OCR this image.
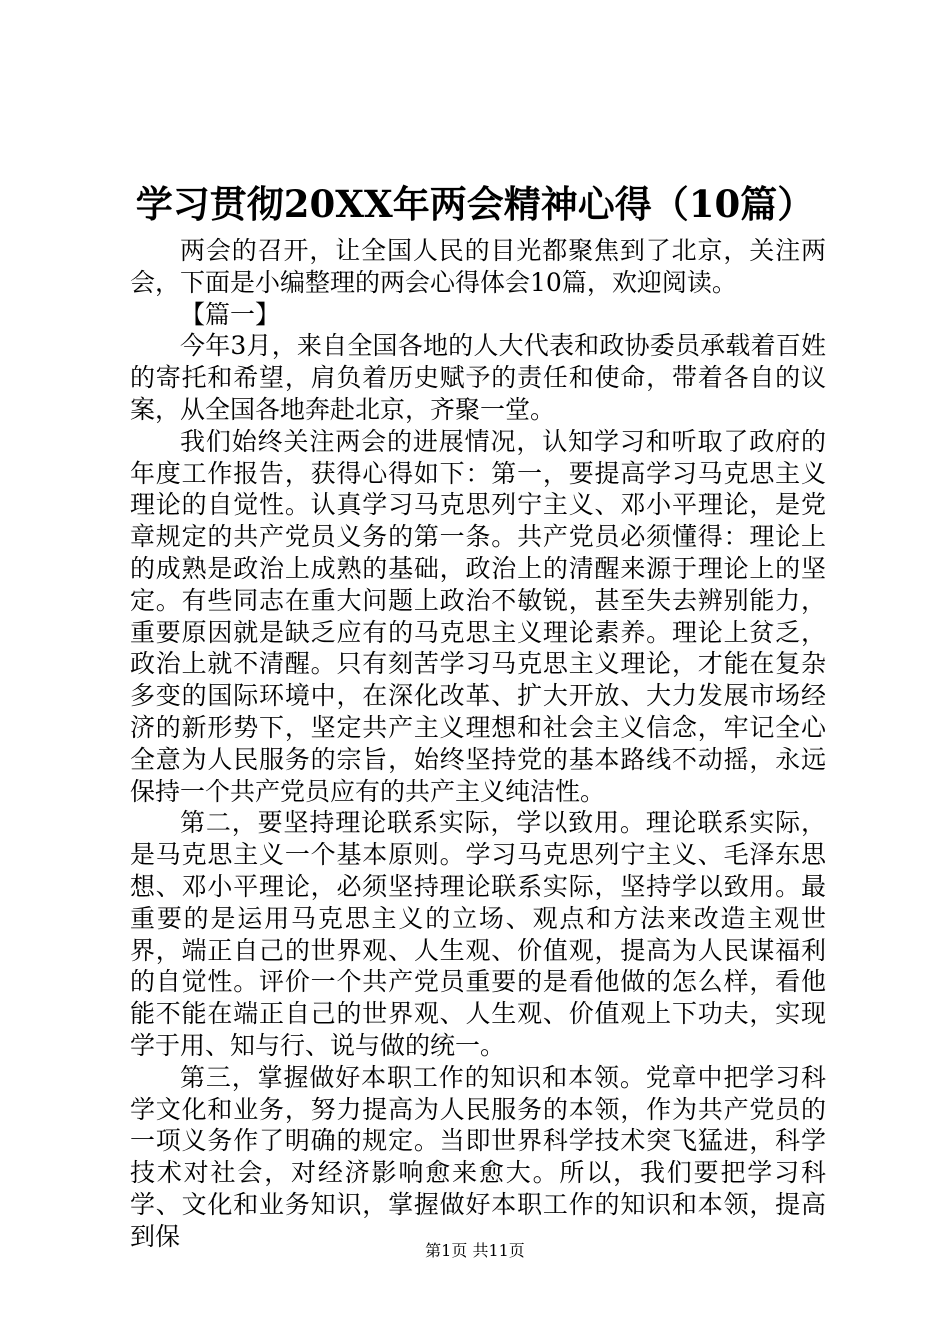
学习贯彻20XX年两会精神心得（10篇）

两会的召开，让全国人民的目光都聚焦到了北京，关注两会，下面是小编整理的两会心得体会10篇，欢迎阅读。

【篇一】

今年3月，来自全国各地的人大代表和政协委员承载着百姓的寄托和希望，肩负着历史赋予的责任和使命，带着各自的议案，从全国各地奔赴北京，齐聚一堂。

我们始终关注两会的进展情况，认知学习和听取了政府的年度工作报告，获得心得如下：第一，要提高学习马克思主义理论的自觉性。认真学习马克思列宁主义、邓小平理论，是党章规定的共产党员义务的第一条。共产党员必须懂得：理论上的成熟是政治上成熟的基础，政治上的清醒来源于理论上的坚定。有些同志在重大问题上政治不敏锐，甚至失去辨别能力，重要原因就是缺乏应有的马克思主义理论素养。理论上贫乏，政治上就不清醒。只有刻苦学习马克思主义理论，才能在复杂多变的国际环境中，在深化改革、扩大开放、大力发展市场经济的新形势下，坚定共产主义理想和社会主义信念，牢记全心全意为人民服务的宗旨，始终坚持党的基本路线不动摇，永远保持一个共产党员应有的共产主义纯洁性。

第二，要坚持理论联系实际，学以致用。理论联系实际，是马克思主义一个基本原则。学习马克思列宁主义、毛泽东思想、邓小平理论，必须坚持理论联系实际，坚持学以致用。最重要的是运用马克思主义的立场、观点和方法来改造主观世界，端正自己的世界观、人生观、价值观，提高为人民谋福利的自觉性。评价一个共产党员重要的是看他做的怎么样，看他能不能在端正自己的世界观、人生观、价值观上下功夫，实现学于用、知与行、说与做的统一。

第三，掌握做好本职工作的知识和本领。党章中把学习科学文化和业务，努力提高为人民服务的本领，作为共产党员的一项义务作了明确的规定。当即世界科学技术突飞猛进，科学技术对社会，对经济影响愈来愈大。所以，我们要把学习科学、文化和业务知识，掌握做好本职工作的知识和本领，提高到保	第1页 共11页
